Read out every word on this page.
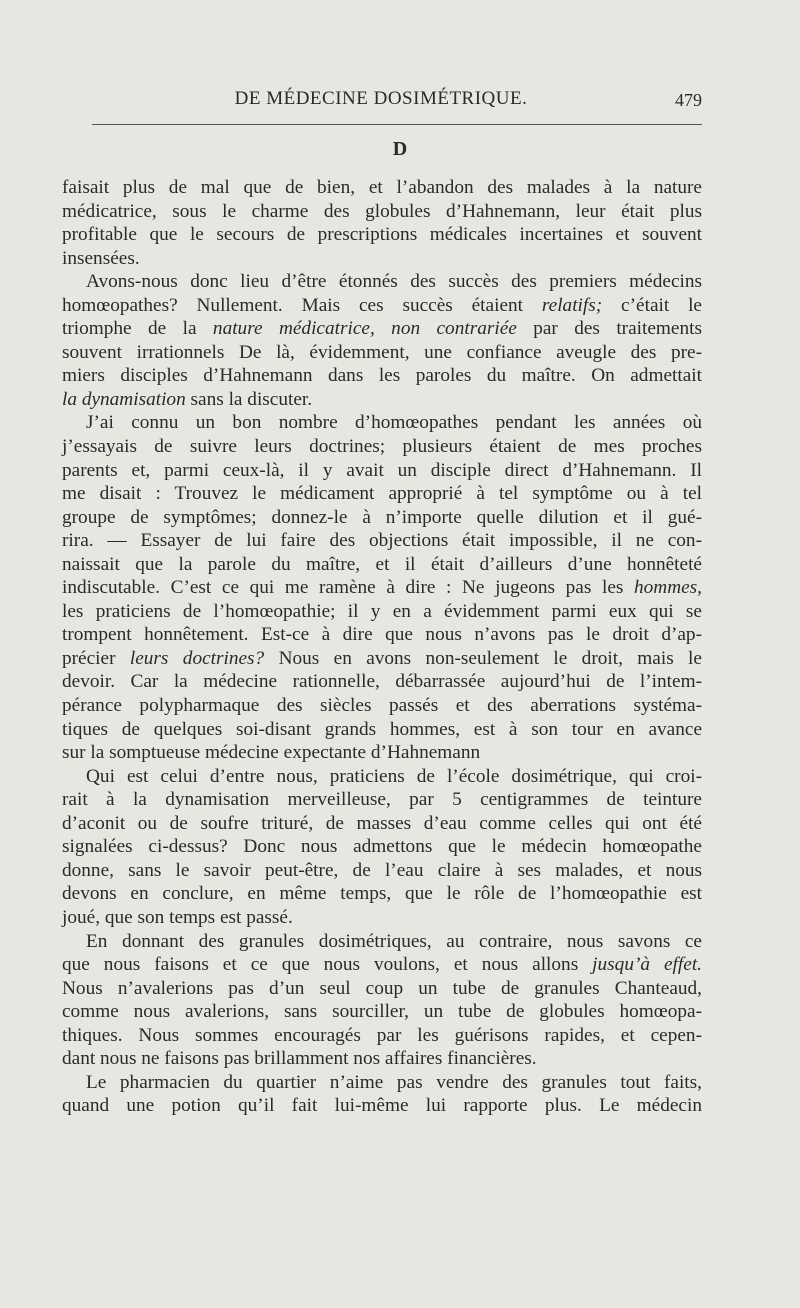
DE MÉDECINE DOSIMÉTRIQUE.	479
D
faisait plus de mal que de bien, et l’abandon des malades à la nature
médicatrice, sous le charme des globules d’Hahnemann, leur était plus
profitable que le secours de prescriptions médicales incertaines et souvent
insensées.
Avons-nous donc lieu d’être étonnés des succès des premiers médecins
homœopathes? Nullement. Mais ces succès étaient relatifs; c’était le
triomphe de la nature médicatrice, non contrariée par des traitements
souvent irrationnels De là, évidemment, une confiance aveugle des pre-
miers disciples d’Hahnemann dans les paroles du maître. On admettait
la dynamisation sans la discuter.
J’ai connu un bon nombre d’homœopathes pendant les années où
j’essayais de suivre leurs doctrines; plusieurs étaient de mes proches
parents et, parmi ceux-là, il y avait un disciple direct d’Hahnemann. Il
me disait : Trouvez le médicament approprié à tel symptôme ou à tel
groupe de symptômes; donnez-le à n’importe quelle dilution et il gué-
rira. — Essayer de lui faire des objections était impossible, il ne con-
naissait que la parole du maître, et il était d’ailleurs d’une honnêteté
indiscutable. C’est ce qui me ramène à dire : Ne jugeons pas les hommes,
les praticiens de l’homœopathie; il y en a évidemment parmi eux qui se
trompent honnêtement. Est-ce à dire que nous n’avons pas le droit d’ap-
précier leurs doctrines? Nous en avons non-seulement le droit, mais le
devoir. Car la médecine rationnelle, débarrassée aujourd’hui de l’intem-
pérance polypharmaque des siècles passés et des aberrations systéma-
tiques de quelques soi-disant grands hommes, est à son tour en avance
sur la somptueuse médecine expectante d’Hahnemann
Qui est celui d’entre nous, praticiens de l’école dosimétrique, qui croi-
rait à la dynamisation merveilleuse, par 5 centigrammes de teinture
d’aconit ou de soufre trituré, de masses d’eau comme celles qui ont été
signalées ci-dessus? Donc nous admettons que le médecin homœopathe
donne, sans le savoir peut-être, de l’eau claire à ses malades, et nous
devons en conclure, en même temps, que le rôle de l’homœopathie est
joué, que son temps est passé.
En donnant des granules dosimétriques, au contraire, nous savons ce
que nous faisons et ce que nous voulons, et nous allons jusqu’à effet.
Nous n’avalerions pas d’un seul coup un tube de granules Chanteaud,
comme nous avalerions, sans sourciller, un tube de globules homœopa-
thiques. Nous sommes encouragés par les guérisons rapides, et cepen-
dant nous ne faisons pas brillamment nos affaires financières.
Le pharmacien du quartier n’aime pas vendre des granules tout faits,
quand une potion qu’il fait lui-même lui rapporte plus. Le médecin
